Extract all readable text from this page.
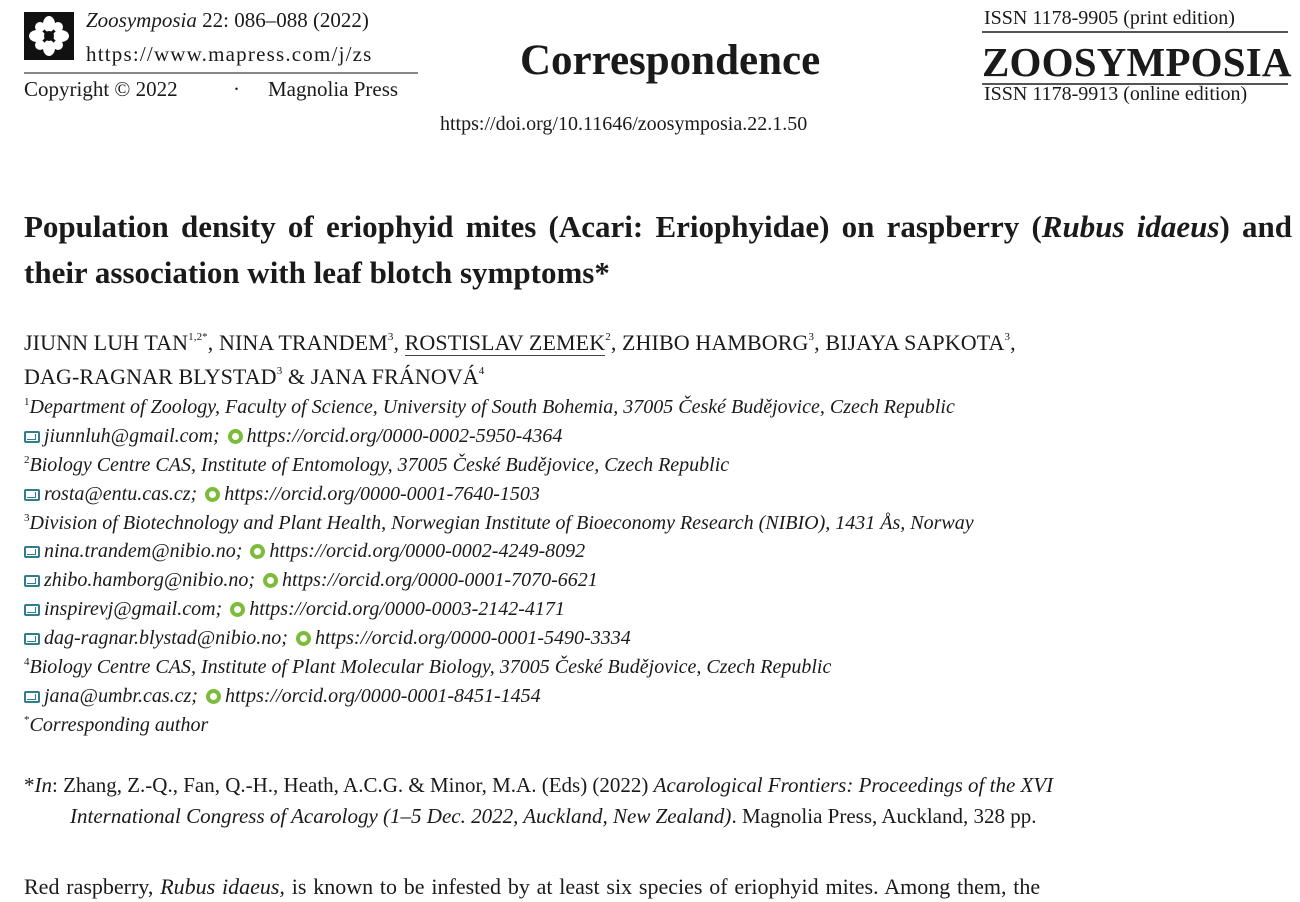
Zoosymposia 22: 086–088 (2022)
https://www.mapress.com/j/zs
Copyright © 2022	· Magnolia Press
Correspondence
https://doi.org/10.11646/zoosymposia.22.1.50
ISSN 1178-9905 (print edition)
ZOOSYMPOSIA
ISSN 1178-9913 (online edition)
Population density of eriophyid mites (Acari: Eriophyidae) on raspberry (Rubus idaeus) and their association with leaf blotch symptoms*
JIUNN LUH $TAN^{1,2*}$, NINA TRANDEM$^3$, ROSTISLAV ZEMEK$^2$, ZHIBO HAMBORG$^3$, BIJAYA SAPKOTA$^3$,
DAG-RAGNAR BLYSTAD$^3$ & JANA FRÁNOVÁ$^4$
$^1$Department of Zoology, Faculty of Science, University of South Bohemia, 37005 České Budějovice, Czech Republic
jiunnluh@gmail.com; https://orcid.org/0000-0002-5950-4364
$^2$Biology Centre CAS, Institute of Entomology, 37005 České Budějovice, Czech Republic
rosta@entu.cas.cz; https://orcid.org/0000-0001-7640-1503
$^3$Division of Biotechnology and Plant Health, Norwegian Institute of Bioeconomy Research (NIBIO), 1431 Ås, Norway
nina.trandem@nibio.no; https://orcid.org/0000-0002-4249-8092
zhibo.hamborg@nibio.no; https://orcid.org/0000-0001-7070-6621
inspirevj@gmail.com; https://orcid.org/0000-0003-2142-4171
dag-ragnar.blystad@nibio.no; https://orcid.org/0000-0001-5490-3334
$^4$Biology Centre CAS, Institute of Plant Molecular Biology, 37005 České Budějovice, Czech Republic
jana@umbr.cas.cz; https://orcid.org/0000-0001-8451-1454
*Corresponding author
*In: Zhang, Z.-Q., Fan, Q.-H., Heath, A.C.G. & Minor, M.A. (Eds) (2022) Acarological Frontiers: Proceedings of the XVI
International Congress of Acarology (1–5 Dec. 2022, Auckland, New Zealand). Magnolia Press, Auckland, 328 pp.
Red raspberry, Rubus idaeus, is known to be infested by at least six species of eriophyid mites. Among them, the
